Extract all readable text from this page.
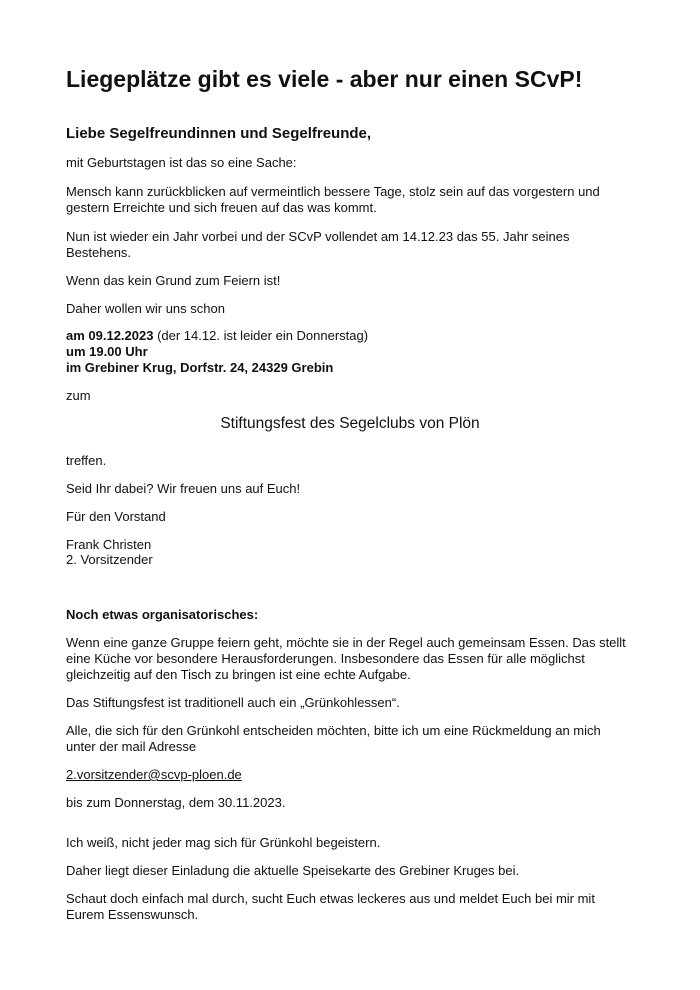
Liegeplätze gibt es viele - aber nur einen SCvP!

Liebe Segelfreundinnen und Segelfreunde,

mit Geburtstagen ist das so eine Sache:

Mensch kann zurückblicken auf vermeintlich bessere Tage, stolz sein auf das vorgestern und

gestern Erreichte und sich freuen auf das was kommt.

Nun ist wieder ein Jahr vorbei und der SCvP vollendet am 14.12.23 das 55. Jahr seines

Bestehens.

Wenn das kein Grund zum Feiern ist!

Daher wollen wir uns schon

am 09.12.2023 (der 14.12. ist leider ein Donnerstag)

um 19.00 Uhr

im Grebiner Krug, Dorfstr. 24, 24329 Grebin

zum

Stiftungsfest des Segelclubs von Plön

treffen.

Seid Ihr dabei? Wir freuen uns auf Euch!

Für den Vorstand

Frank Christen

2. Vorsitzender

Noch etwas organisatorisches:

Wenn eine ganze Gruppe feiern geht, möchte sie in der Regel auch gemeinsam Essen. Das stellt

eine Küche vor besondere Herausforderungen. Insbesondere das Essen für alle möglichst

gleichzeitig auf den Tisch zu bringen ist eine echte Aufgabe.

Das Stiftungsfest ist traditionell auch ein „Grünkohlessen“.

Alle, die sich für den Grünkohl entscheiden möchten, bitte ich um eine Rückmeldung an mich

unter der mail Adresse

2.vorsitzender@scvp-ploen.de

bis zum Donnerstag, dem 30.11.2023.

Ich weiß, nicht jeder mag sich für Grünkohl begeistern.

Daher liegt dieser Einladung die aktuelle Speisekarte des Grebiner Kruges bei.

Schaut doch einfach mal durch, sucht Euch etwas leckeres aus und meldet Euch bei mir mit

Eurem Essenswunsch.
